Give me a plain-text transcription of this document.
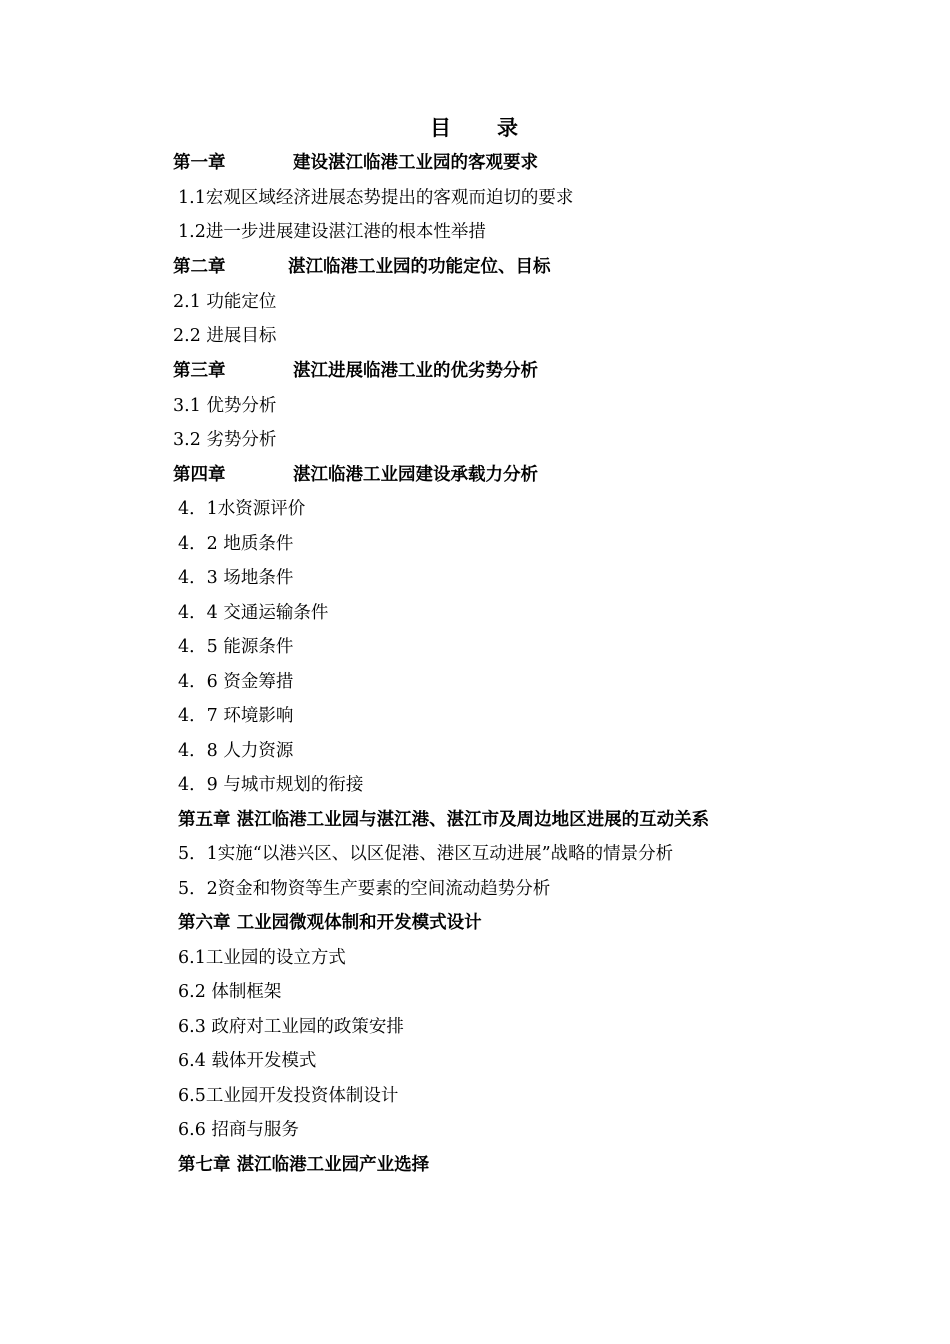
目 录
第一章	建设湛江临港工业园的客观要求
1.1宏观区域经济进展态势提出的客观而迫切的要求
1.2进一步进展建设湛江港的根本性举措
第二章	湛江临港工业园的功能定位、目标
2.1 功能定位
2.2 进展目标
第三章	湛江进展临港工业的优劣势分析
3.1 优势分析
3.2 劣势分析
第四章	湛江临港工业园建设承载力分析
4．1水资源评价
4．2 地质条件
4．3 场地条件
4．4 交通运输条件
4．5 能源条件
4．6 资金筹措
4．7 环境影响
4．8 人力资源
4．9 与城市规划的衔接
第五章 湛江临港工业园与湛江港、湛江市及周边地区进展的互动关系
5．1实施“以港兴区、以区促港、港区互动进展”战略的情景分析
5．2资金和物资等生产要素的空间流动趋势分析
第六章 工业园微观体制和开发模式设计
6.1工业园的设立方式
6.2 体制框架
6.3 政府对工业园的政策安排
6.4 载体开发模式
6.5工业园开发投资体制设计
6.6 招商与服务
第七章 湛江临港工业园产业选择
